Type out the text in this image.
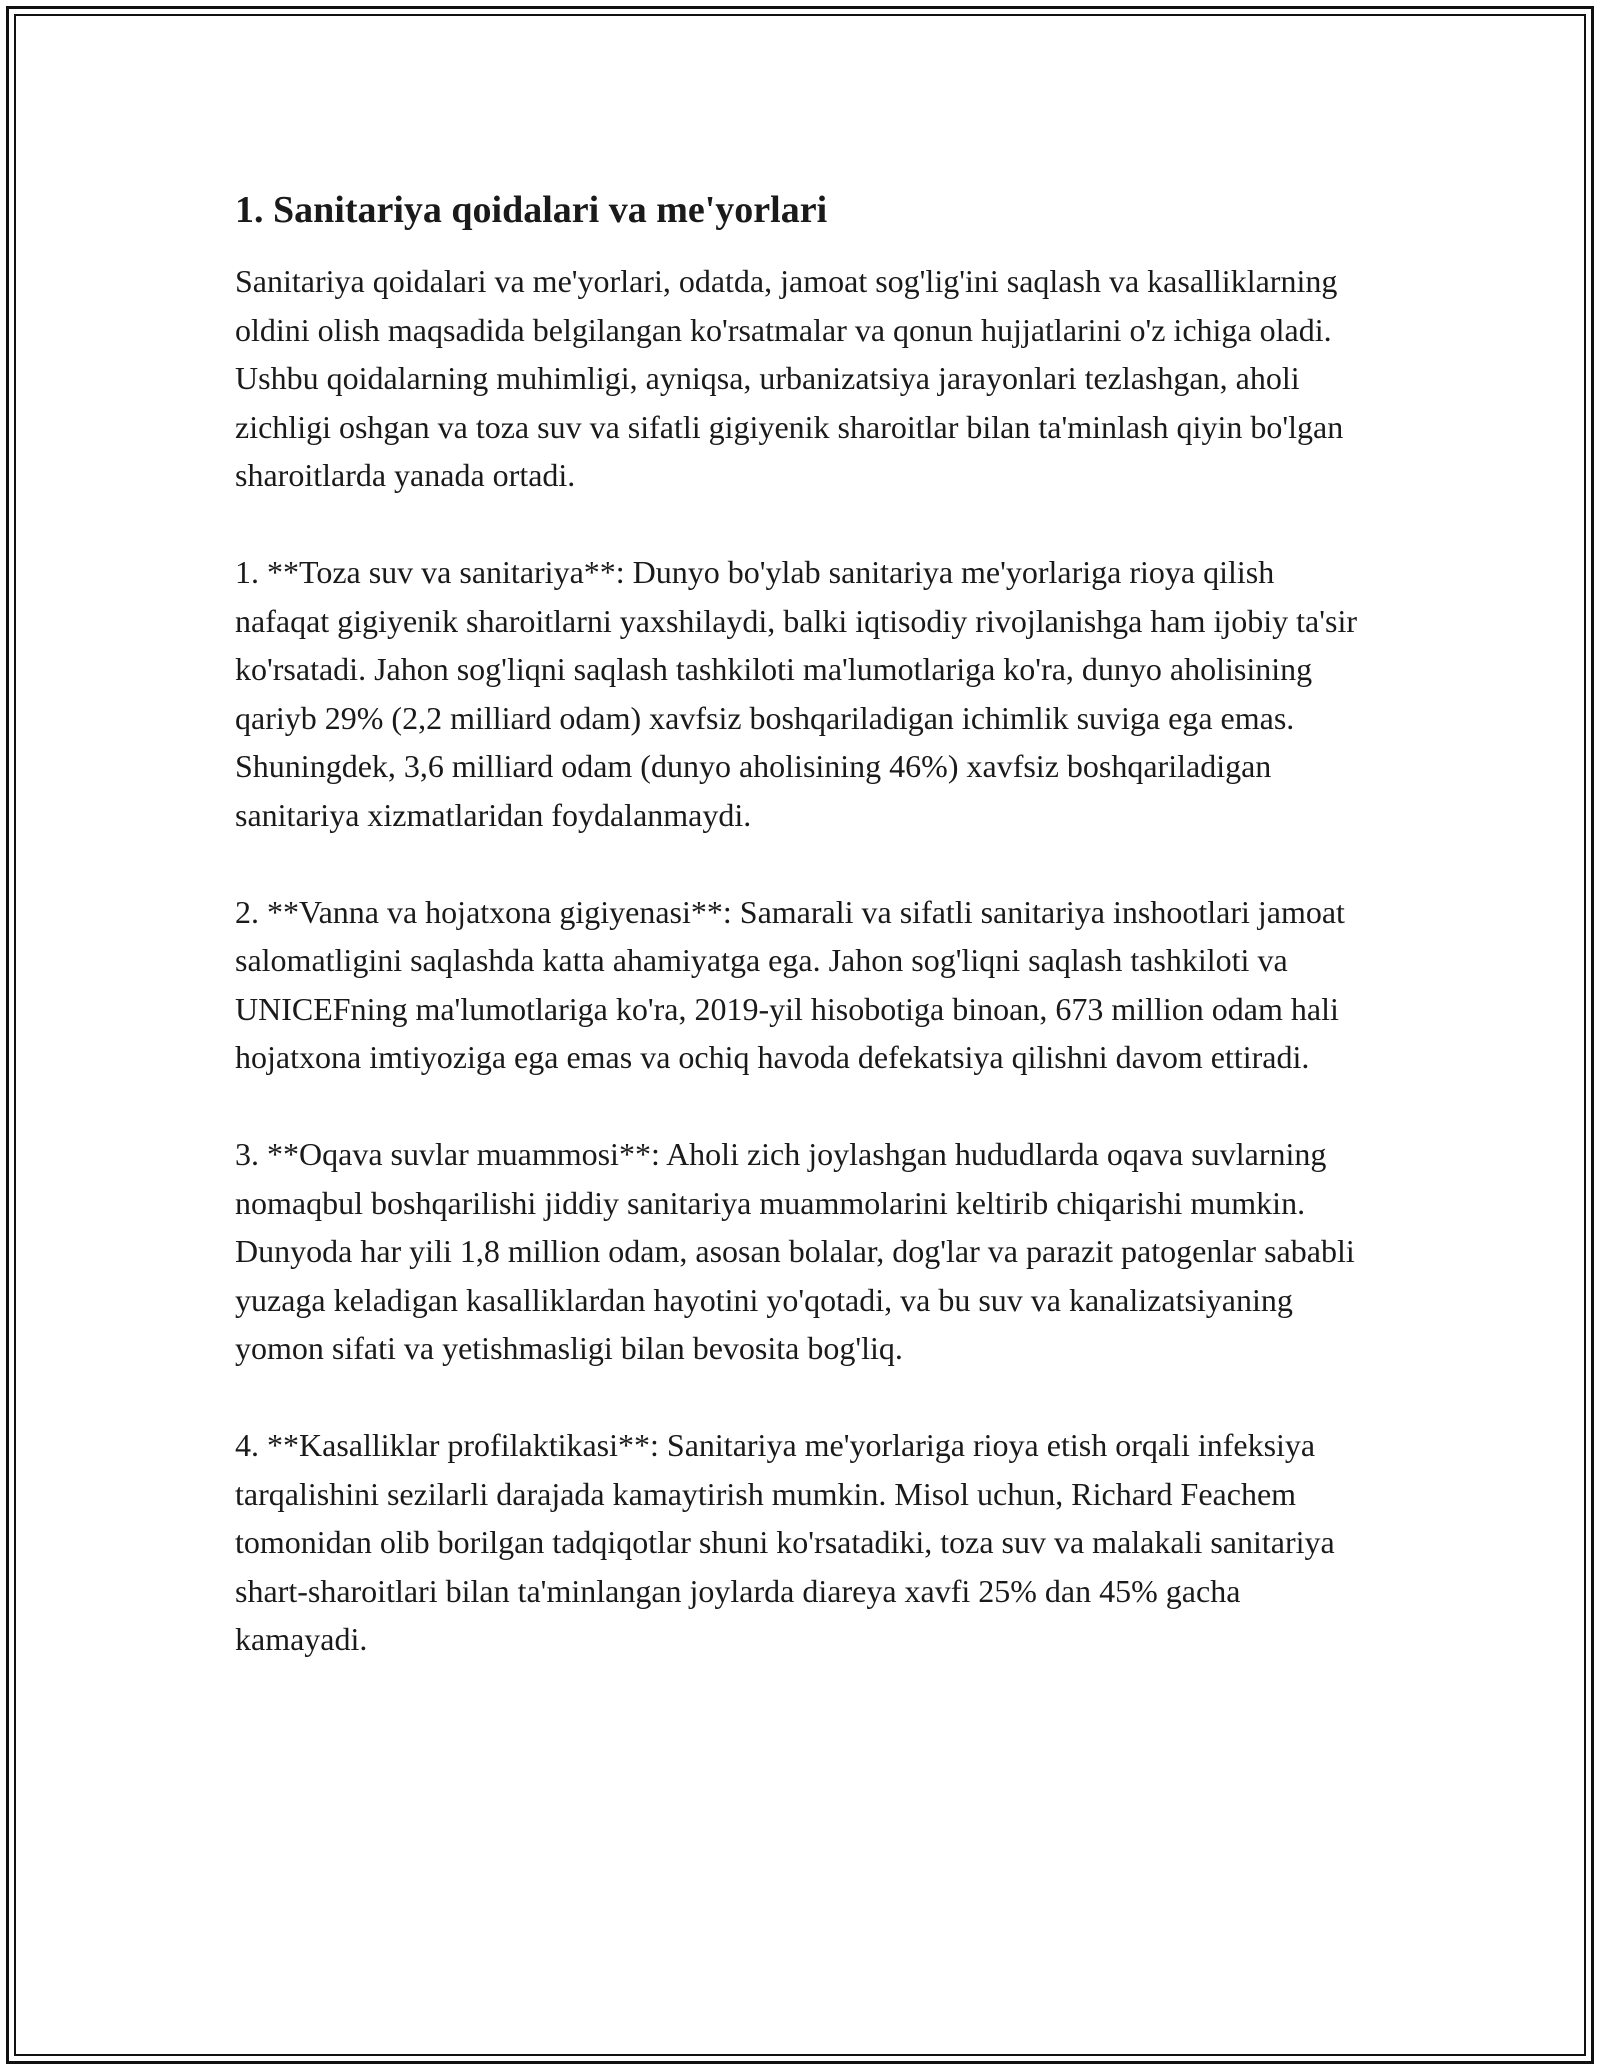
1. Sanitariya qoidalari va me'yorlari

Sanitariya qoidalari va me'yorlari, odatda, jamoat sog'lig'ini saqlash va kasalliklarning oldini olish maqsadida belgilangan ko'rsatmalar va qonun hujjatlarini o'z ichiga oladi. Ushbu qoidalarning muhimligi, ayniqsa, urbanizatsiya jarayonlari tezlashgan, aholi zichligi oshgan va toza suv va sifatli gigiyenik sharoitlar bilan ta'minlash qiyin bo'lgan sharoitlarda yanada ortadi.

1. **Toza suv va sanitariya**: Dunyo bo'ylab sanitariya me'yorlariga rioya qilish nafaqat gigiyenik sharoitlarni yaxshilaydi, balki iqtisodiy rivojlanishga ham ijobiy ta'sir ko'rsatadi. Jahon sog'liqni saqlash tashkiloti ma'lumotlariga ko'ra, dunyo aholisining qariyb 29% (2,2 milliard odam) xavfsiz boshqariladigan ichimlik suviga ega emas. Shuningdek, 3,6 milliard odam (dunyo aholisining 46%) xavfsiz boshqariladigan sanitariya xizmatlaridan foydalanmaydi.

2. **Vanna va hojatxona gigiyenasi**: Samarali va sifatli sanitariya inshootlari jamoat salomatligini saqlashda katta ahamiyatga ega. Jahon sog'liqni saqlash tashkiloti va UNICEFning ma'lumotlariga ko'ra, 2019-yil hisobotiga binoan, 673 million odam hali hojatxona imtiyoziga ega emas va ochiq havoda defekatsiya qilishni davom ettiradi.

3. **Oqava suvlar muammosi**: Aholi zich joylashgan hududlarda oqava suvlarning nomaqbul boshqarilishi jiddiy sanitariya muammolarini keltirib chiqarishi mumkin. Dunyoda har yili 1,8 million odam, asosan bolalar, dog'lar va parazit patogenlar sababli yuzaga keladigan kasalliklardan hayotini yo'qotadi, va bu suv va kanalizatsiyaning yomon sifati va yetishmasligi bilan bevosita bog'liq.

4. **Kasalliklar profilaktikasi**: Sanitariya me'yorlariga rioya etish orqali infeksiya tarqalishini sezilarli darajada kamaytirish mumkin. Misol uchun, Richard Feachem tomonidan olib borilgan tadqiqotlar shuni ko'rsatadiki, toza suv va malakali sanitariya shart-sharoitlari bilan ta'minlangan joylarda diareya xavfi 25% dan 45% gacha kamayadi.
